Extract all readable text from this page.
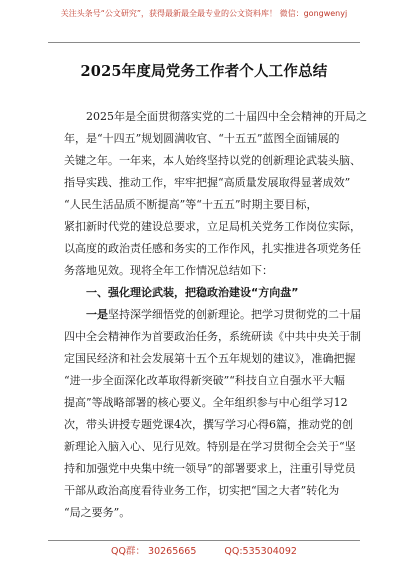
关注头条号“公文研究”，获得最新最全最专业的公文资料库！ 微信：gongwenyj
2025年度局党务工作者个人工作总结
2025年是全面贯彻落实党的二十届四中全会精神的开局之
年，是“十四五”规划圆满收官、“十五五”蓝图全面铺展的
关键之年。一年来，本人始终坚持以党的创新理论武装头脑、
指导实践、推动工作，牢牢把握“高质量发展取得显著成效”
“人民生活品质不断提高”等“十五五”时期主要目标，
紧扣新时代党的建设总要求，立足局机关党务工作岗位实际，
以高度的政治责任感和务实的工作作风，扎实推进各项党务任
务落地见效。现将全年工作情况总结如下：
一、强化理论武装，把稳政治建设“方向盘”
一是坚持深学细悟党的创新理论。把学习贯彻党的二十届
四中全会精神作为首要政治任务，系统研读《中共中央关于制
定国民经济和社会发展第十五个五年规划的建议》，准确把握
“进一步全面深化改革取得新突破”“科技自立自强水平大幅
提高”等战略部署的核心要义。全年组织参与中心组学习12
次，带头讲授专题党课4次，撰写学习心得6篇，推动党的创
新理论入脑入心、见行见效。特别是在学习贯彻全会关于“坚
持和加强党中央集中统一领导”的部署要求上，注重引导党员
干部从政治高度看待业务工作，切实把“国之大者”转化为
“局之要务”。
QQ群： 30265665	QQ:535304092
